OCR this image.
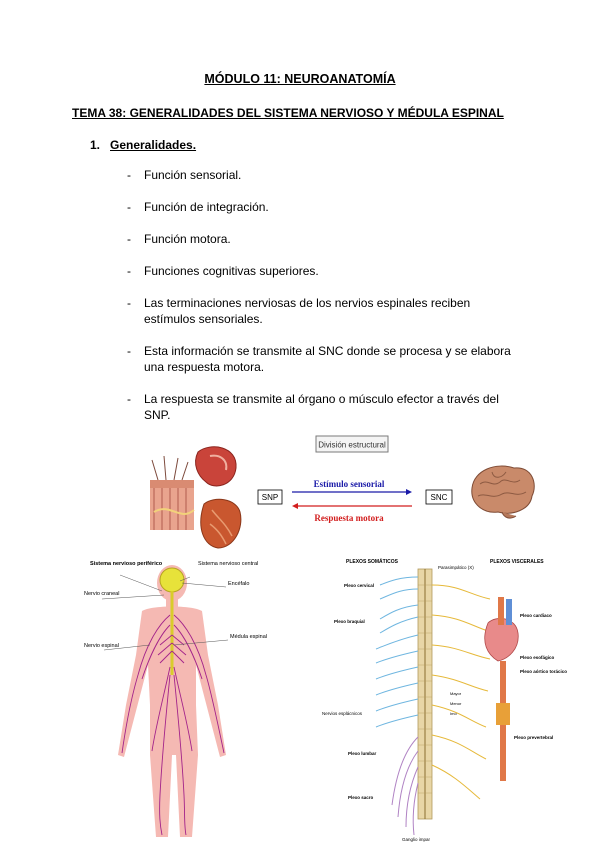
MÓDULO 11: NEUROANATOMÍA
TEMA 38: GENERALIDADES DEL SISTEMA NERVIOSO Y MÉDULA ESPINAL
1. Generalidades.
- Función sensorial.
- Función de integración.
- Función motora.
- Funciones cognitivas superiores.
- Las terminaciones nerviosas de los nervios espinales reciben estímulos sensoriales.
- Esta información se transmite al SNC donde se procesa y se elabora una respuesta motora.
- La respuesta se transmite al órgano o músculo efector a través del SNP.
División estructural
SNP	SNC
Estímulo sensorial
Respuesta motora
Sistema nervioso periférico	Sistema nervioso central
Encéfalo
Nervio craneal
Nervio espinal
Médula espinal
PLEXOS SOMÁTICOS	PLEXOS VISCERALES
Plexo cervical
Plexo braquial
Plexo lumbar
Plexo sacro
Nervios esplácnicos
Ganglio impar
Parasimpático (X)
Plexo cardiaco
Plexo esofágico
Plexo aórtico torácico
Plexo prevertebral
Mayor
Menor
Imo
